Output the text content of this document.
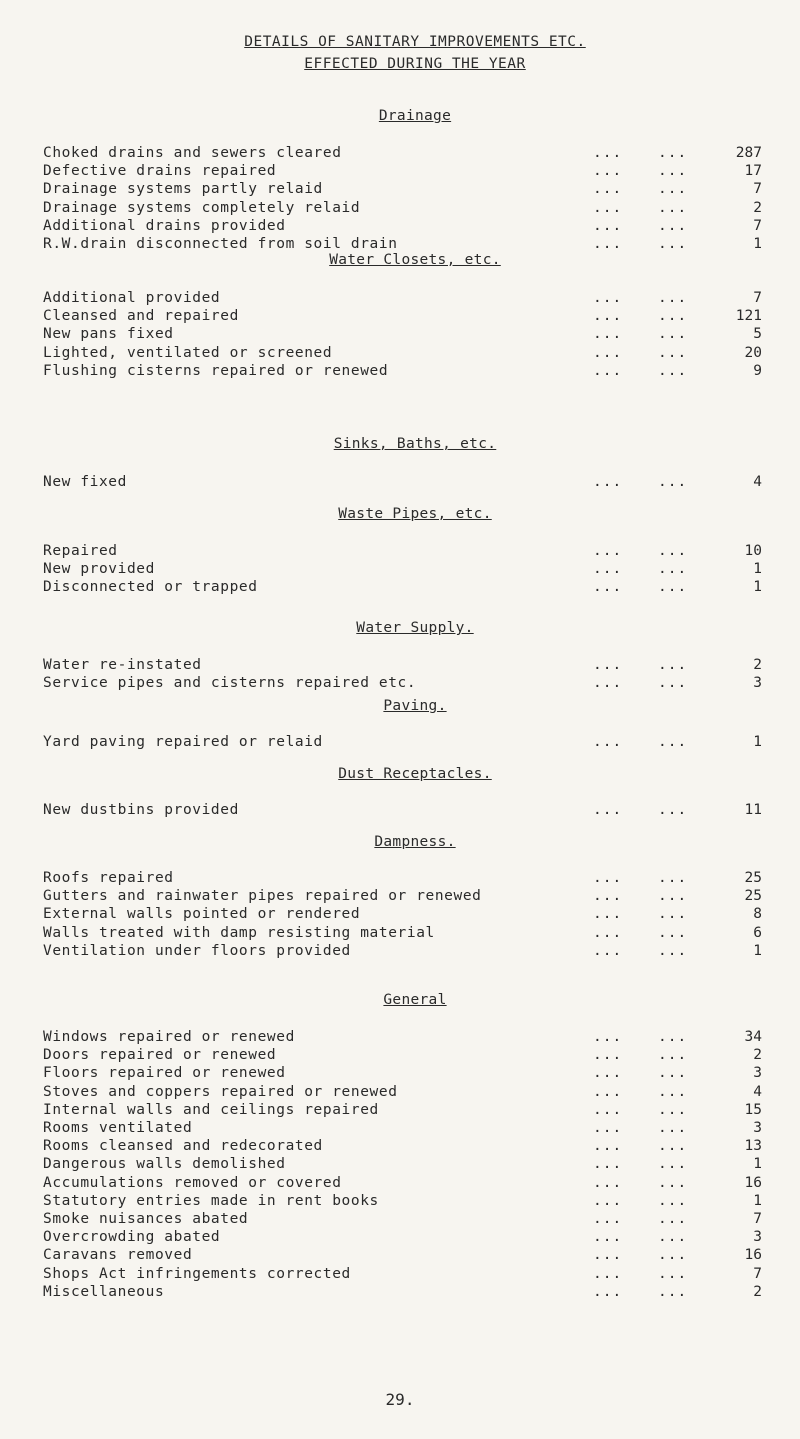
DETAILS OF SANITARY IMPROVEMENTS ETC.
EFFECTED DURING THE YEAR
Drainage
Choked drains and sewers cleared	... ...	287
Defective drains repaired	... ...	17
Drainage systems partly relaid	... ...	7
Drainage systems completely relaid	... ...	2
Additional drains provided	... ...	7
R.W.drain disconnected from soil drain	... ...	1
Water Closets, etc.
Additional provided	... ...	7
Cleansed and repaired	... ...	121
New pans fixed	... ...	5
Lighted, ventilated or screened	... ...	20
Flushing cisterns repaired or renewed	... ...	9
Sinks, Baths, etc.
New fixed	... ...	4
Waste Pipes, etc.
Repaired	... ...	10
New provided	... ...	1
Disconnected or trapped	... ...	1
Water Supply.
Water re-instated	... ...	2
Service pipes and cisterns repaired etc.	... ...	3
Paving.
Yard paving repaired or relaid	... ...	1
Dust Receptacles.
New dustbins provided	... ...	11
Dampness.
Roofs repaired	... ...	25
Gutters and rainwater pipes repaired or renewed	... ...	25
External walls pointed or rendered	... ...	8
Walls treated with damp resisting material	... ...	6
Ventilation under floors provided	... ...	1
General
Windows repaired or renewed	... ...	34
Doors repaired or renewed	... ...	2
Floors repaired or renewed	... ...	3
Stoves and coppers repaired or renewed	... ...	4
Internal walls and ceilings repaired	... ...	15
Rooms ventilated	... ...	3
Rooms cleansed and redecorated	... ...	13
Dangerous walls demolished	... ...	1
Accumulations removed or covered	... ...	16
Statutory entries made in rent books	... ...	1
Smoke nuisances abated	... ...	7
Overcrowding abated	... ...	3
Caravans removed	... ...	16
Shops Act infringements corrected	... ...	7
Miscellaneous	... ...	2
29.
